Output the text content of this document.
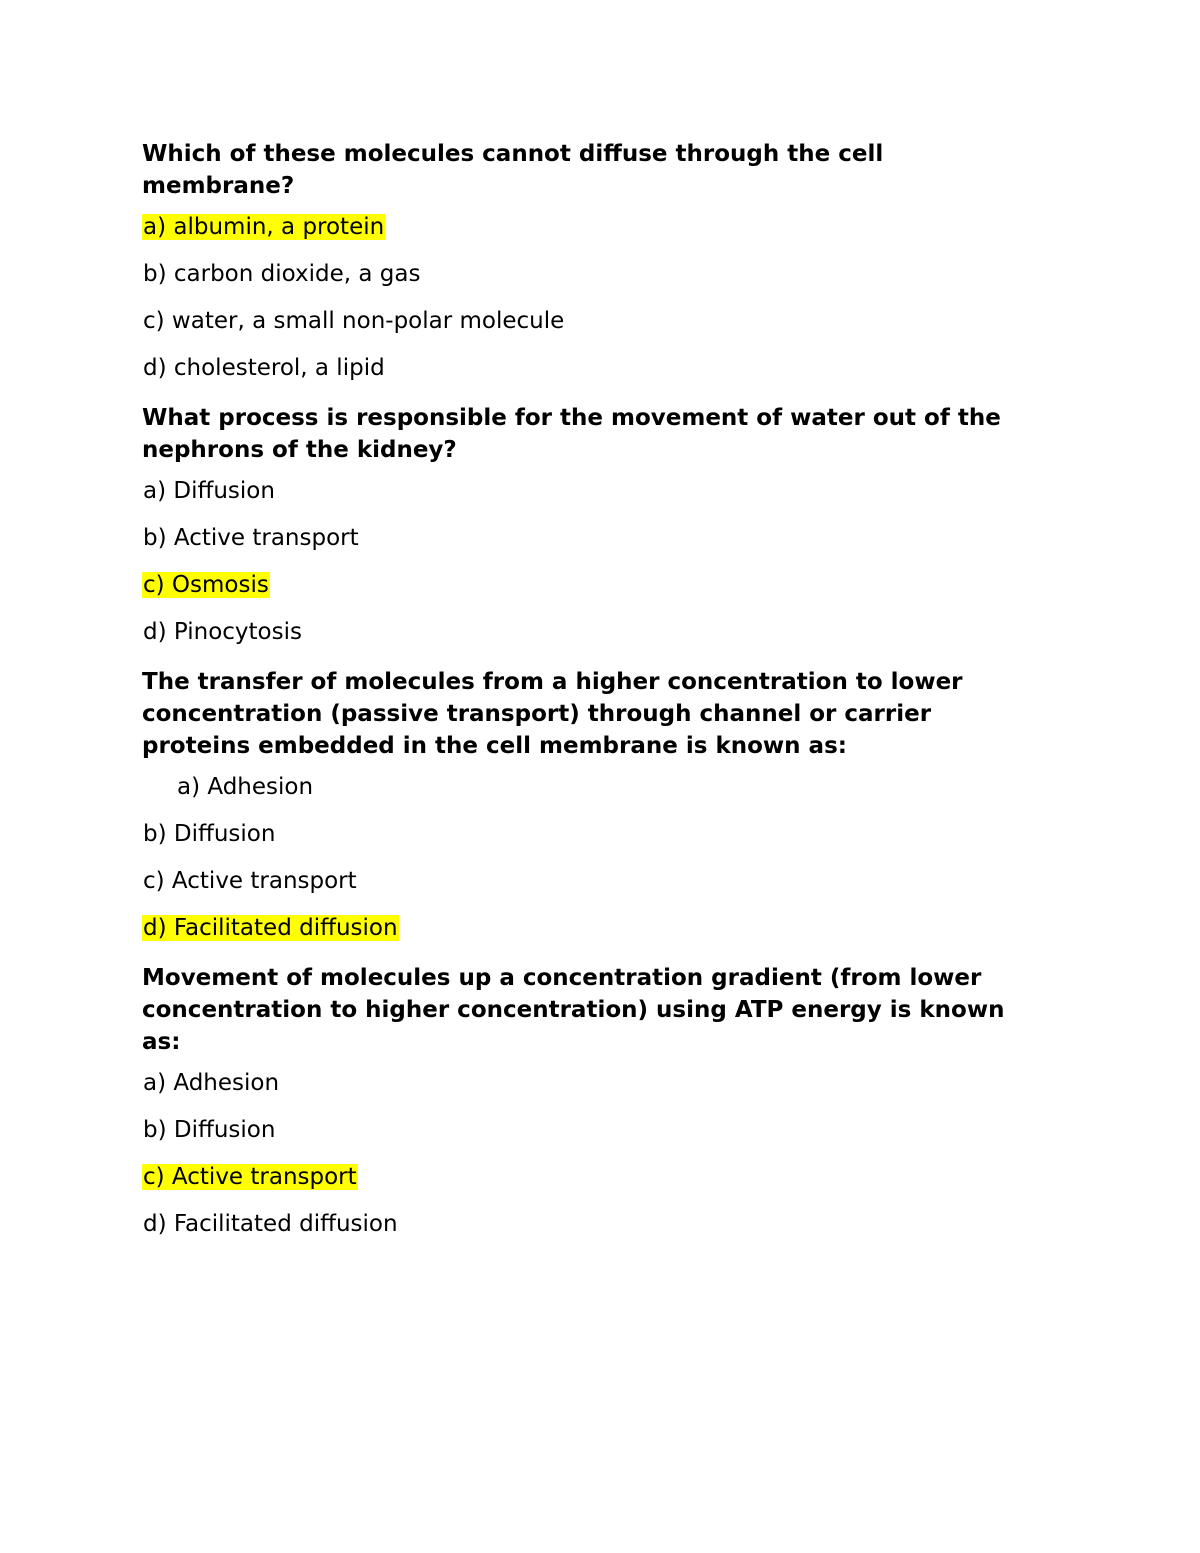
Which of these molecules cannot diffuse through the cell membrane?

a) albumin, a protein
b) carbon dioxide, a gas
c) water, a small non-polar molecule
d) cholesterol, a lipid

What process is responsible for the movement of water out of the nephrons of the kidney?

a) Diffusion
b) Active transport
c) Osmosis
d) Pinocytosis

The transfer of molecules from a higher concentration to lower concentration (passive transport) through channel or carrier proteins embedded in the cell membrane is known as:

a) Adhesion
b) Diffusion
c) Active transport
d) Facilitated diffusion

Movement of molecules up a concentration gradient (from lower concentration to higher concentration) using ATP energy is known as:

a) Adhesion
b) Diffusion
c) Active transport
d) Facilitated diffusion
